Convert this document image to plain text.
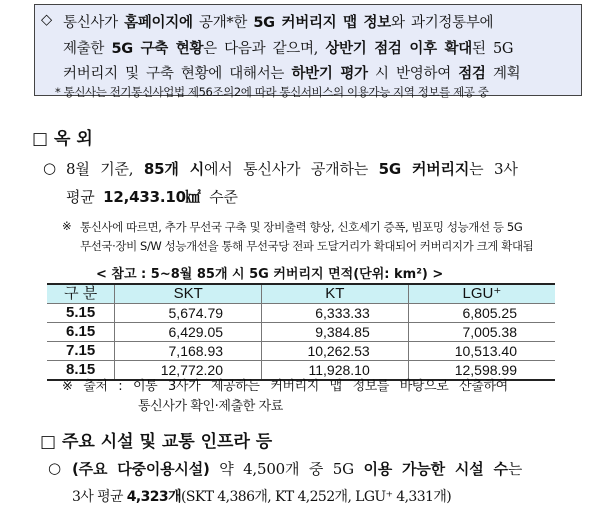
◇ 통신사가 홈페이지에 공개*한 5G 커버리지 맵 정보와 과기정통부에
제출한 5G 구축 현황은 다음과 같으며, 상반기 점검 이후 확대된 5G
커버리지 및 구축 현황에 대해서는 하반기 평가 시 반영하여 점검 계획
* 통신사는 전기통신사업법 제56조의2에 따라 통신서비스의 이용가능 지역 정보를 제공 중
□ 옥 외
○ 8월 기준, 85개 시에서 통신사가 공개하는 5G 커버리지는 3사
평균 12,433.10㎢ 수준
※ 통신사에 따르면, 추가 무선국 구축 및 장비출력 향상, 신호세기 증폭, 빔포밍 성능개선 등 5G
무선국·장비 S/W 성능개선을 통해 무선국당 전파 도달거리가 확대되어 커버리지가 크게 확대됨
< 참고 : 5~8월 85개 시 5G 커버리지 면적(단위: km²) >
구 분	SKT	KT	LGU⁺
5.15	5,674.79	6,333.33	6,805.25
6.15	6,429.05	9,384.85	7,005.38
7.15	7,168.93	10,262.53	10,513.40
8.15	12,772.20	11,928.10	12,598.99
※ 출처 : 이통 3사가 제공하는 커버리지 맵 정보를 바탕으로 산출하여
통신사가 확인·제출한 자료
□ 주요 시설 및 교통 인프라 등
○ (주요 다중이용시설) 약 4,500개 중 5G 이용 가능한 시설 수는
3사 평균 4,323개(SKT 4,386개, KT 4,252개, LGU⁺ 4,331개)
